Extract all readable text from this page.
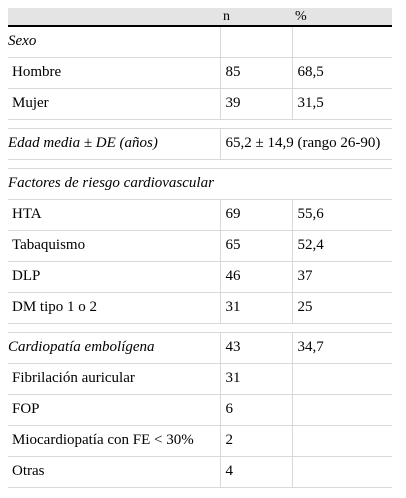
	n	%
Sexo		
Hombre	85	68,5
Mujer	39	31,5

Edad media ± DE (años)	65,2 ± 14,9 (rango 26-90)	

Factores de riesgo cardiovascular		
HTA	69	55,6
Tabaquismo	65	52,4
DLP	46	37
DM tipo 1 o 2	31	25

Cardiopatía embolígena	43	34,7
Fibrilación auricular	31	
FOP	6	
Miocardiopatía con FE < 30%	2	
Otras	4	
